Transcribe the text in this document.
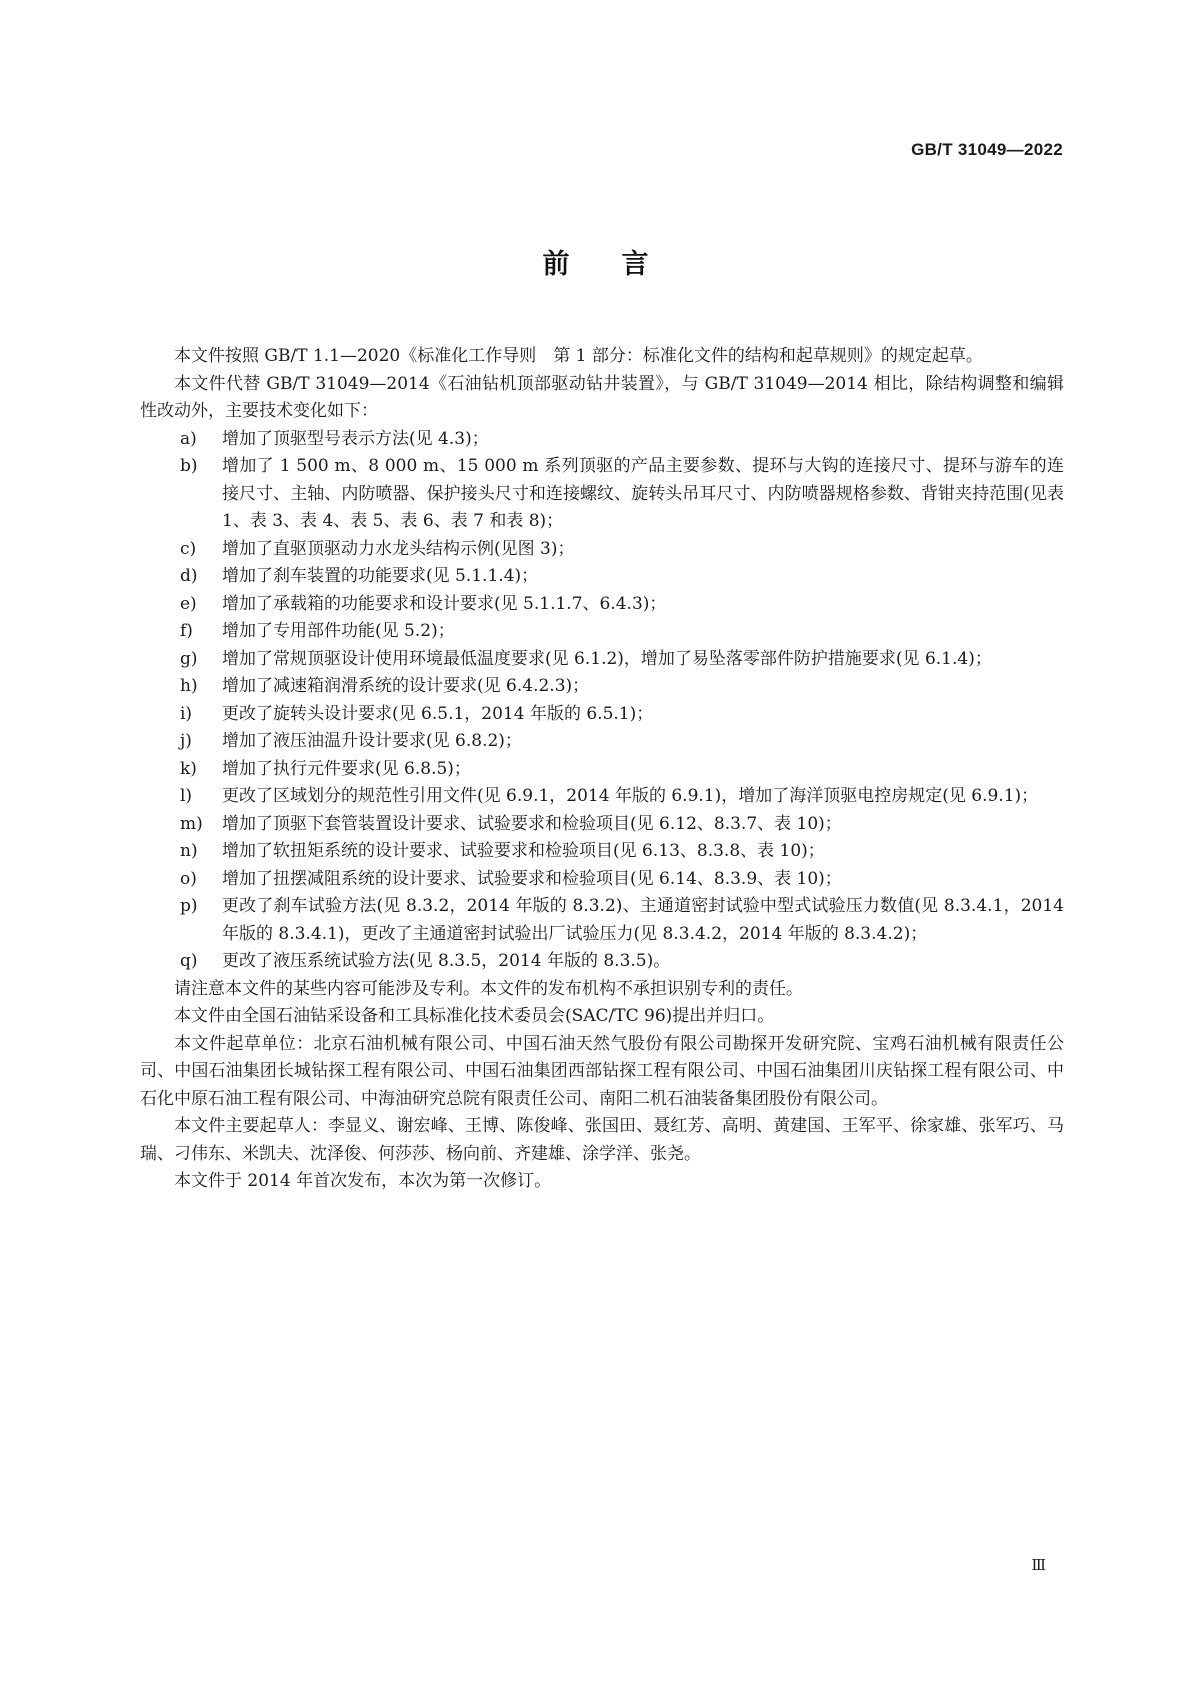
GB/T 31049—2022
前言

本文件按照 GB/T 1.1—2020《标准化工作导则　第 1 部分：标准化文件的结构和起草规则》的规定起草。

本文件代替 GB/T 31049—2014《石油钻机顶部驱动钻井装置》，与 GB/T 31049—2014 相比，除结构调整和编辑性改动外，主要技术变化如下：

a)	增加了顶驱型号表示方法(见 4.3)；
b)	增加了 1 500 m、8 000 m、15 000 m 系列顶驱的产品主要参数、提环与大钩的连接尺寸、提环与游车的连接尺寸、主轴、内防喷器、保护接头尺寸和连接螺纹、旋转头吊耳尺寸、内防喷器规格参数、背钳夹持范围(见表 1、表 3、表 4、表 5、表 6、表 7 和表 8)；
c)	增加了直驱顶驱动力水龙头结构示例(见图 3)；
d)	增加了刹车装置的功能要求(见 5.1.1.4)；
e)	增加了承载箱的功能要求和设计要求(见 5.1.1.7、6.4.3)；
f)	增加了专用部件功能(见 5.2)；
g)	增加了常规顶驱设计使用环境最低温度要求(见 6.1.2)，增加了易坠落零部件防护措施要求(见 6.1.4)；
h)	增加了减速箱润滑系统的设计要求(见 6.4.2.3)；
i)	更改了旋转头设计要求(见 6.5.1，2014 年版的 6.5.1)；
j)	增加了液压油温升设计要求(见 6.8.2)；
k)	增加了执行元件要求(见 6.8.5)；
l)	更改了区域划分的规范性引用文件(见 6.9.1，2014 年版的 6.9.1)，增加了海洋顶驱电控房规定(见 6.9.1)；
m)	增加了顶驱下套管装置设计要求、试验要求和检验项目(见 6.12、8.3.7、表 10)；
n)	增加了软扭矩系统的设计要求、试验要求和检验项目(见 6.13、8.3.8、表 10)；
o)	增加了扭摆减阻系统的设计要求、试验要求和检验项目(见 6.14、8.3.9、表 10)；
p)	更改了刹车试验方法(见 8.3.2，2014 年版的 8.3.2)、主通道密封试验中型式试验压力数值(见 8.3.4.1，2014 年版的 8.3.4.1)，更改了主通道密封试验出厂试验压力(见 8.3.4.2，2014 年版的 8.3.4.2)；
q)	更改了液压系统试验方法(见 8.3.5，2014 年版的 8.3.5)。

请注意本文件的某些内容可能涉及专利。本文件的发布机构不承担识别专利的责任。

本文件由全国石油钻采设备和工具标准化技术委员会(SAC/TC 96)提出并归口。

本文件起草单位：北京石油机械有限公司、中国石油天然气股份有限公司勘探开发研究院、宝鸡石油机械有限责任公司、中国石油集团长城钻探工程有限公司、中国石油集团西部钻探工程有限公司、中国石油集团川庆钻探工程有限公司、中石化中原石油工程有限公司、中海油研究总院有限责任公司、南阳二机石油装备集团股份有限公司。

本文件主要起草人：李显义、谢宏峰、王博、陈俊峰、张国田、聂红芳、高明、黄建国、王军平、徐家雄、张军巧、马瑞、刁伟东、米凯夫、沈泽俊、何莎莎、杨向前、齐建雄、涂学洋、张尧。

本文件于 2014 年首次发布，本次为第一次修订。

Ⅲ
